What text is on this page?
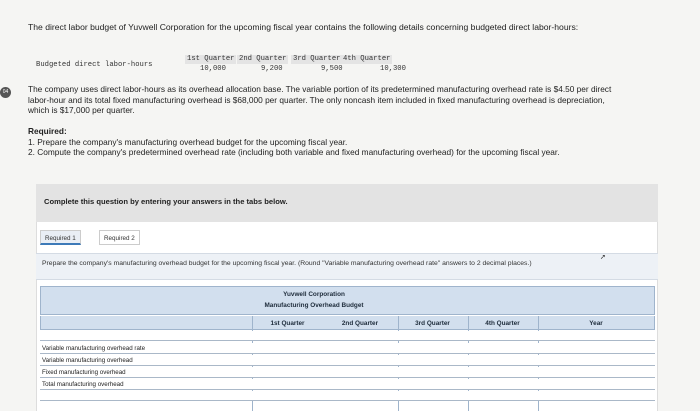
The direct labor budget of Yuvwell Corporation for the upcoming fiscal year contains the following details concerning budgeted direct labor-hours:
Budgeted direct labor-hours
1st Quarter 2nd Quarter 3rd Quarter 4th Quarter
10,000	9,200	9,500	10,300
04	The company uses direct labor-hours as its overhead allocation base. The variable portion of its predetermined manufacturing overhead rate is $4.50 per direct labor-hour and its total fixed manufacturing overhead is $68,000 per quarter. The only noncash item included in fixed manufacturing overhead is depreciation, which is $17,000 per quarter.
Required:
1. Prepare the company's manufacturing overhead budget for the upcoming fiscal year.
2. Compute the company's predetermined overhead rate (including both variable and fixed manufacturing overhead) for the upcoming fiscal year.
Complete this question by entering your answers in the tabs below.
Required 1	Required 2
Prepare the company's manufacturing overhead budget for the upcoming fiscal year. (Round "Variable manufacturing overhead rate" answers to 2 decimal places.)
➚
Yuvwell Corporation
Manufacturing Overhead Budget
1st Quarter	2nd Quarter	3rd Quarter	4th Quarter	Year
Variable manufacturing overhead rate
Variable manufacturing overhead
Fixed manufacturing overhead
Total manufacturing overhead
